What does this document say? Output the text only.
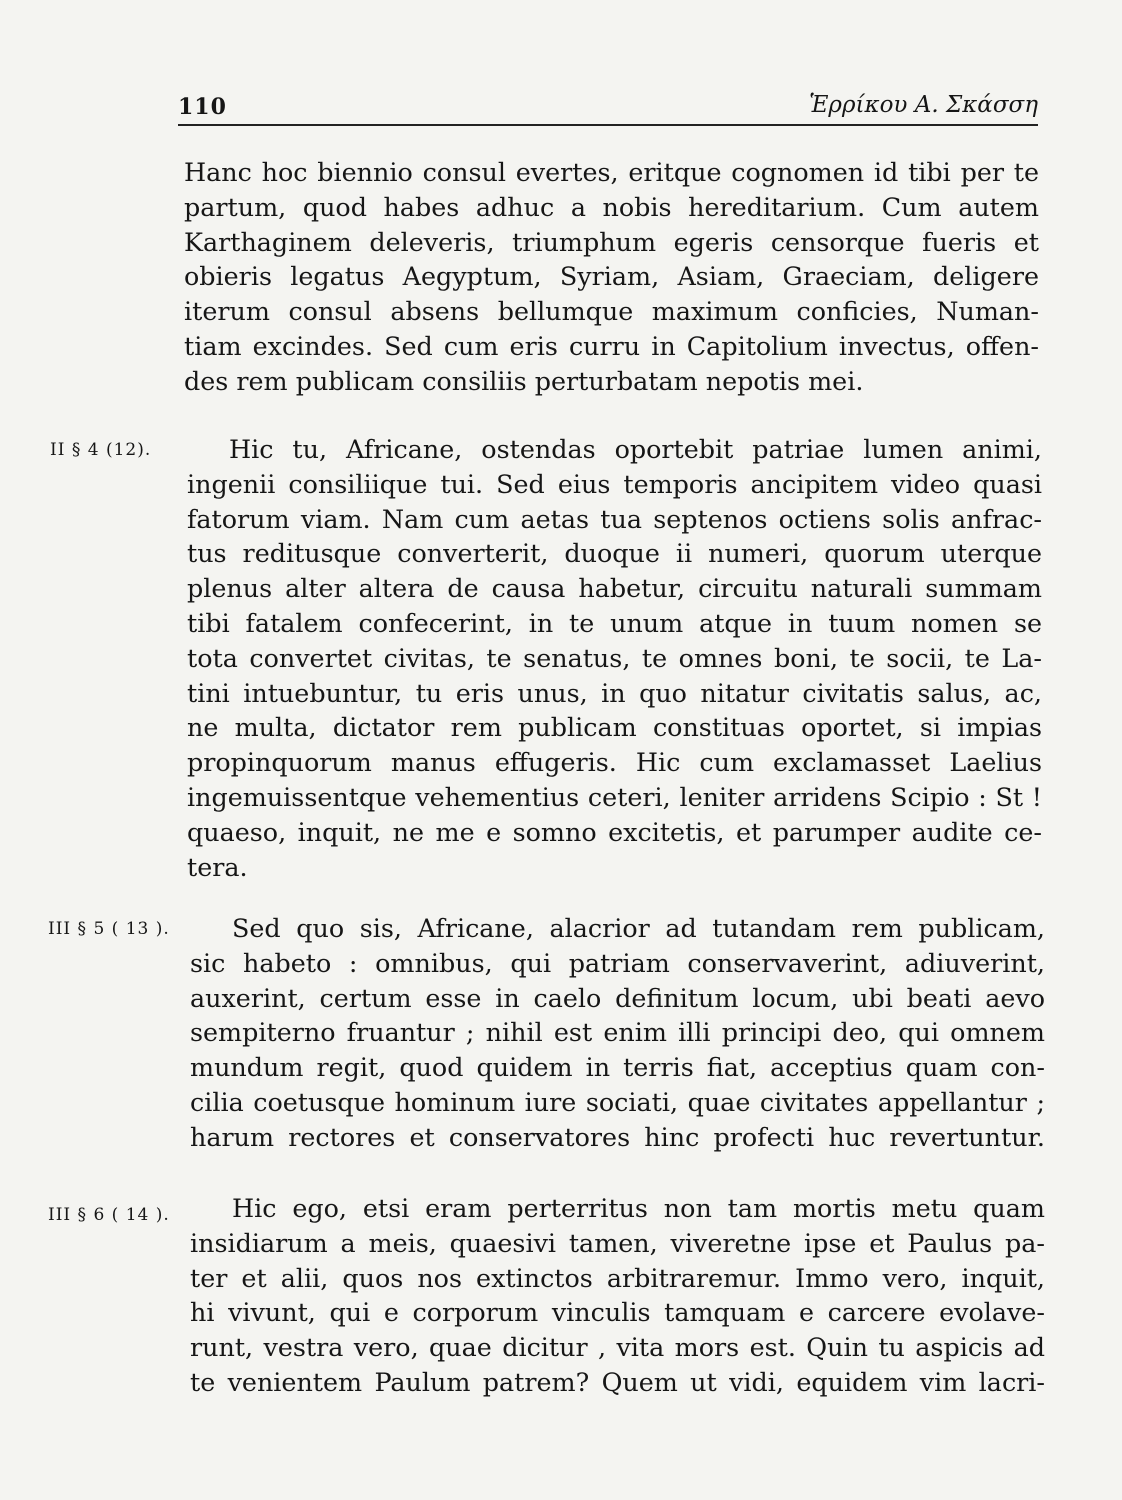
110	Ἑρρίκου Α. Σκάσση
Hanc hoc biennio consul evertes, eritque cognomen id tibi per te
partum, quod habes adhuc a nobis hereditarium. Cum autem
Karthaginem deleveris, triumphum egeris censorque fueris et
obieris legatus Aegyptum, Syriam, Asiam, Graeciam, deligere
iterum consul absens bellumque maximum conficies, Numan-
tiam excindes. Sed cum eris curru in Capitolium invectus, offen-
des rem publicam consiliis perturbatam nepotis mei.
II § 4 (12).	Hic tu, Africane, ostendas oportebit patriae lumen animi,
ingenii consiliique tui. Sed eius temporis ancipitem video quasi
fatorum viam. Nam cum aetas tua septenos octiens solis anfrac-
tus reditusque converterit, duoque ii numeri, quorum uterque
plenus alter altera de causa habetur, circuitu naturali summam
tibi fatalem confecerint, in te unum atque in tuum nomen se
tota convertet civitas, te senatus, te omnes boni, te socii, te La-
tini intuebuntur, tu eris unus, in quo nitatur civitatis salus, ac,
ne multa, dictator rem publicam constituas oportet, si impias
propinquorum manus effugeris. Hic cum exclamasset Laelius
ingemuissentque vehementius ceteri, leniter arridens Scipio : St !
quaeso, inquit, ne me e somno excitetis, et parumper audite ce-
tera.
III § 5 ( 13 ).	Sed quo sis, Africane, alacrior ad tutandam rem publicam,
sic habeto : omnibus, qui patriam conservaverint, adiuverint,
auxerint, certum esse in caelo definitum locum, ubi beati aevo
sempiterno fruantur ; nihil est enim illi principi deo, qui omnem
mundum regit, quod quidem in terris fiat, acceptius quam con-
cilia coetusque hominum iure sociati, quae civitates appellantur ;
harum rectores et conservatores hinc profecti huc revertuntur.
III § 6 ( 14 ).	Hic ego, etsi eram perterritus non tam mortis metu quam
insidiarum a meis, quaesivi tamen, viveretne ipse et Paulus pa-
ter et alii, quos nos extinctos arbitraremur. Immo vero, inquit,
hi vivunt, qui e corporum vinculis tamquam e carcere evolave-
runt, vestra vero, quae dicitur , vita mors est. Quin tu aspicis ad
te venientem Paulum patrem? Quem ut vidi, equidem vim lacri-
